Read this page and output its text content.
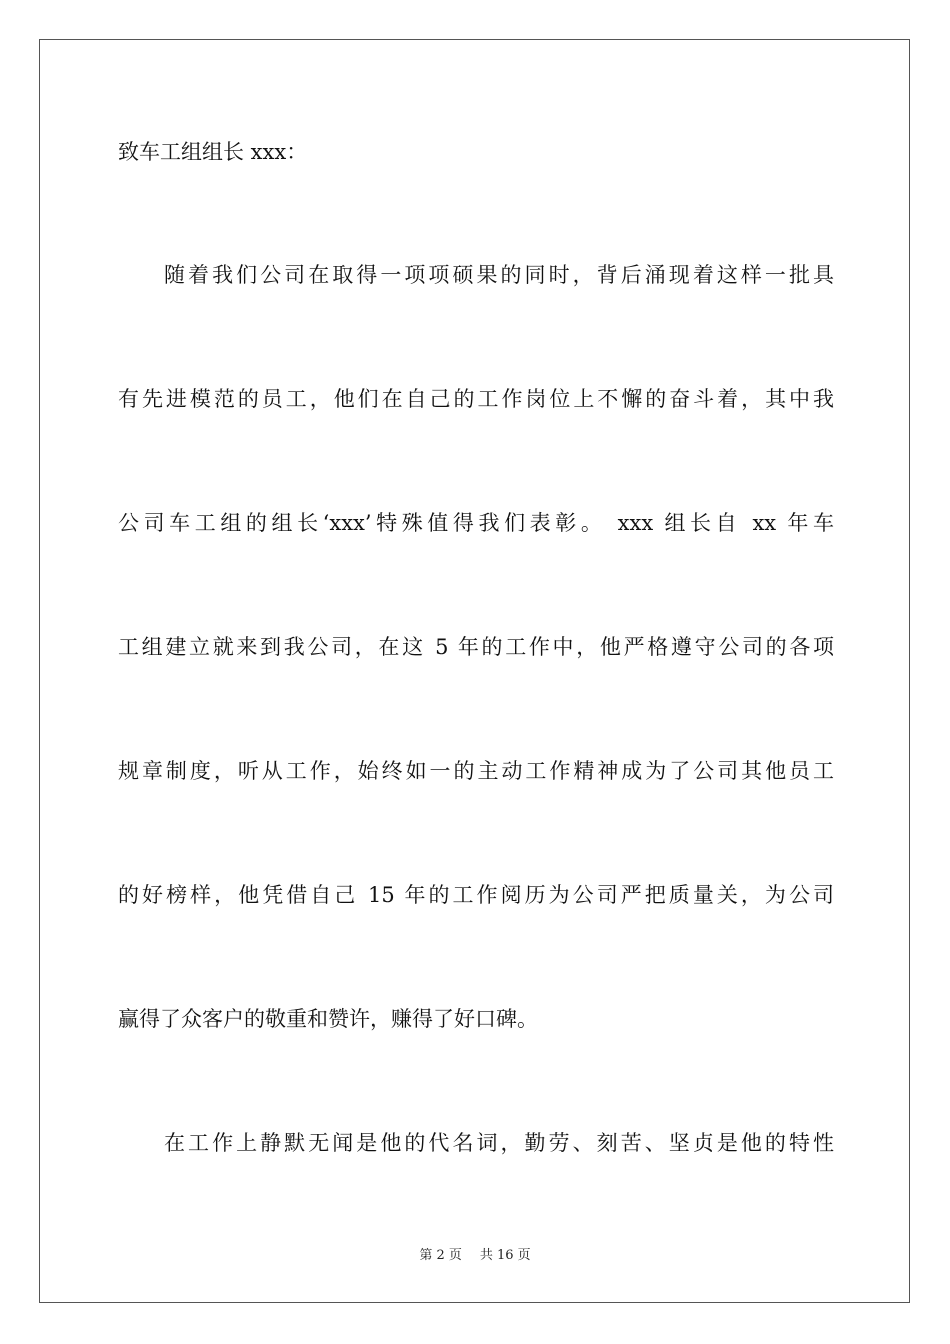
致车工组组长 xxx：
随着我们公司在取得一项项硕果的同时，背后涌现着这样一批具
有先进模范的员工，他们在自己的工作岗位上不懈的奋斗着，其中我
公司车工组的组长‘xxx’特殊值得我们表彰。 xxx 组长自 xx 年车
工组建立就来到我公司，在这 5 年的工作中，他严格遵守公司的各项
规章制度，听从工作，始终如一的主动工作精神成为了公司其他员工
的好榜样，他凭借自己 15 年的工作阅历为公司严把质量关，为公司
赢得了众客户的敬重和赞许，赚得了好口碑。
在工作上静默无闻是他的代名词，勤劳、刻苦、坚贞是他的特性
第 2 页 共 16 页
